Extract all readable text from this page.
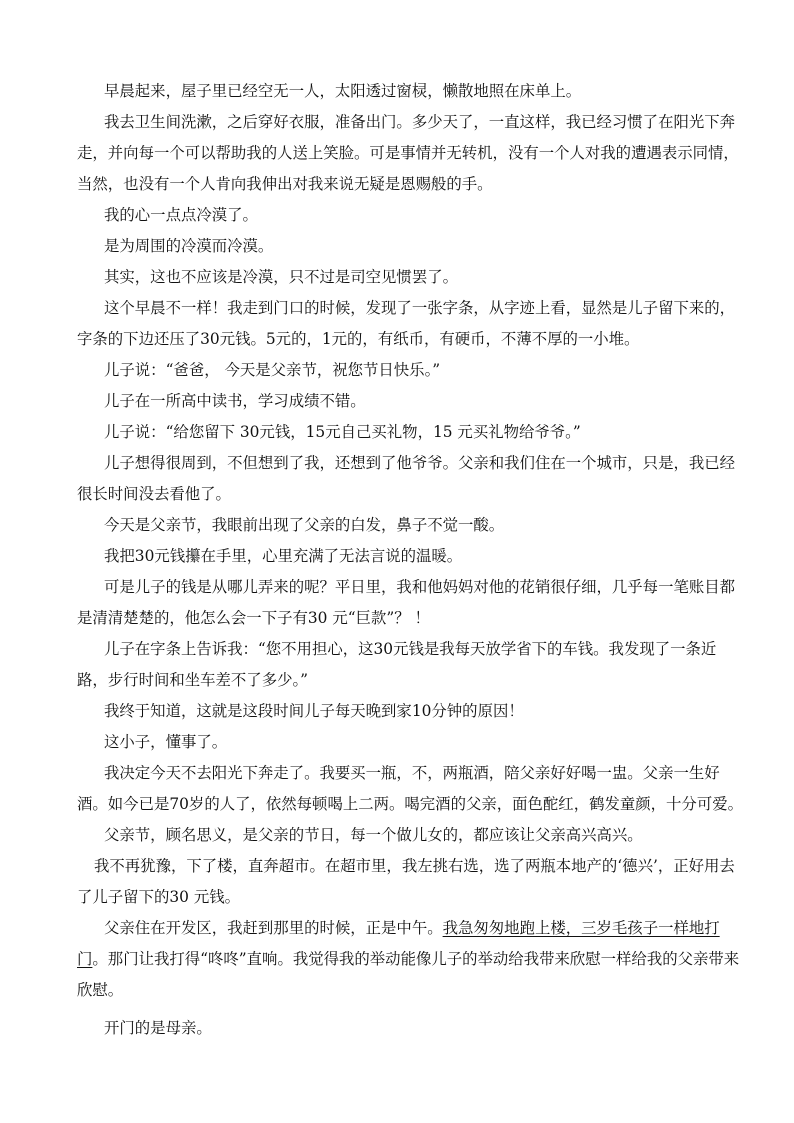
早晨起来，屋子里已经空无一人，太阳透过窗棂，懒散地照在床单上。

我去卫生间洗漱，之后穿好衣服，准备出门。多少天了，一直这样，我已经习惯了在阳光下奔

走，并向每一个可以帮助我的人送上笑脸。可是事情并无转机，没有一个人对我的遭遇表示同情，

当然，也没有一个人肯向我伸出对我来说无疑是恩赐般的手。

我的心一点点冷漠了。

是为周围的冷漠而冷漠。

其实，这也不应该是冷漠，只不过是司空见惯罢了。

这个早晨不一样！我走到门口的时候，发现了一张字条，从字迹上看，显然是儿子留下来的，

字条的下边还压了30元钱。5元的，1元的，有纸币，有硬币，不薄不厚的一小堆。

儿子说：“爸爸， 今天是父亲节，祝您节日快乐。”

儿子在一所高中读书，学习成绩不错。

儿子说：“给您留下 30元钱，15元自己买礼物，15 元买礼物给爷爷。”

儿子想得很周到，不但想到了我，还想到了他爷爷。父亲和我们住在一个城市，只是，我已经

很长时间没去看他了。

今天是父亲节，我眼前出现了父亲的白发，鼻子不觉一酸。

我把30元钱攥在手里，心里充满了无法言说的温暖。

可是儿子的钱是从哪儿弄来的呢？平日里，我和他妈妈对他的花销很仔细，几乎每一笔账目都

是清清楚楚的，他怎么会一下子有30 元“巨款”？ ！

儿子在字条上告诉我：“您不用担心，这30元钱是我每天放学省下的车钱。我发现了一条近

路，步行时间和坐车差不了多少。”

我终于知道，这就是这段时间儿子每天晚到家10分钟的原因！

这小子，懂事了。

我决定今天不去阳光下奔走了。我要买一瓶，不，两瓶酒，陪父亲好好喝一盅。父亲一生好

酒。如今已是70岁的人了，依然每顿喝上二两。喝完酒的父亲，面色酡红，鹤发童颜，十分可爱。

父亲节，顾名思义，是父亲的节日，每一个做儿女的，都应该让父亲高兴高兴。

我不再犹豫，下了楼，直奔超市。在超市里，我左挑右选，选了两瓶本地产的‘德兴’，正好用去

了儿子留下的30 元钱。

父亲住在开发区，我赶到那里的时候，正是中午。我急匆匆地跑上楼，三岁毛孩子一样地打

门。那门让我打得“咚咚”直响。我觉得我的举动能像儿子的举动给我带来欣慰一样给我的父亲带来

欣慰。

开门的是母亲。
